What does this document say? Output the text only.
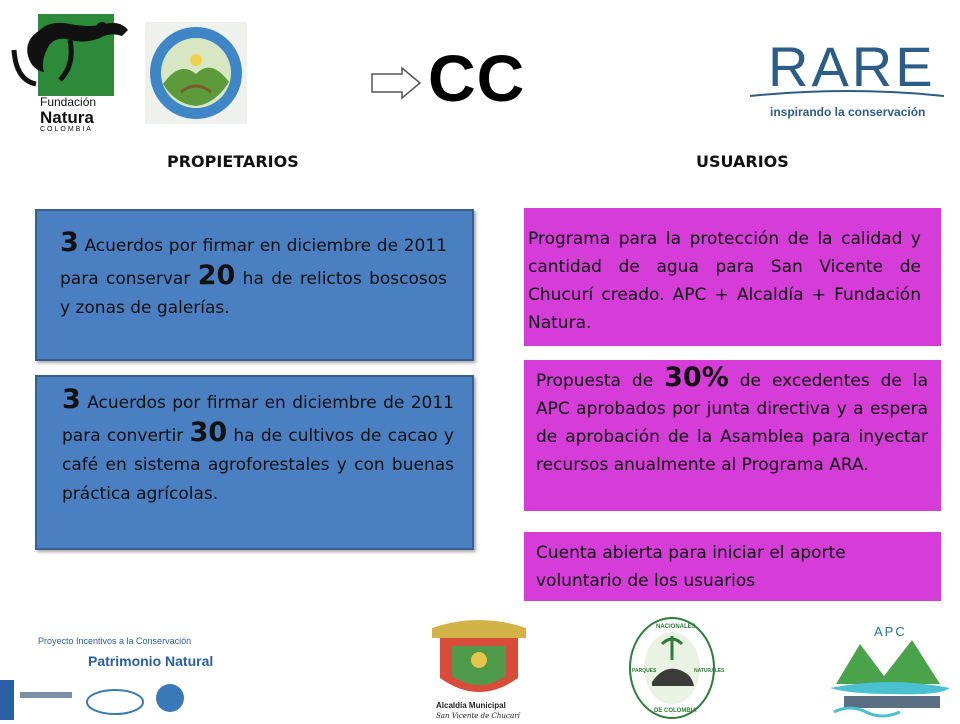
Fundación
Natura
COLOMBIA
CC	RARE
inspirando la conservación
PROPIETARIOS	USUARIOS
3 Acuerdos por firmar en diciembre de 2011 para conservar 20 ha de relictos boscosos y zonas de galerías.
3 Acuerdos por firmar en diciembre de 2011 para convertir 30 ha de cultivos de cacao y café en sistema agroforestales y con buenas práctica agrícolas.
Programa para la protección de la calidad y cantidad de agua para San Vicente de Chucurí creado. APC + Alcaldía + Fundación Natura.
Propuesta de 30% de excedentes de la APC aprobados por junta directiva y a espera de aprobación de la Asamblea para inyectar recursos anualmente al Programa ARA.
Cuenta abierta para iniciar el aporte voluntario de los usuarios
Proyecto Incentivos a la Conservación
Patrimonio Natural
Alcaldía Municipal
San Vicente de Chucurí
NACIONALES
PARQUES	NATURALES
DE COLOMBIA
APC
